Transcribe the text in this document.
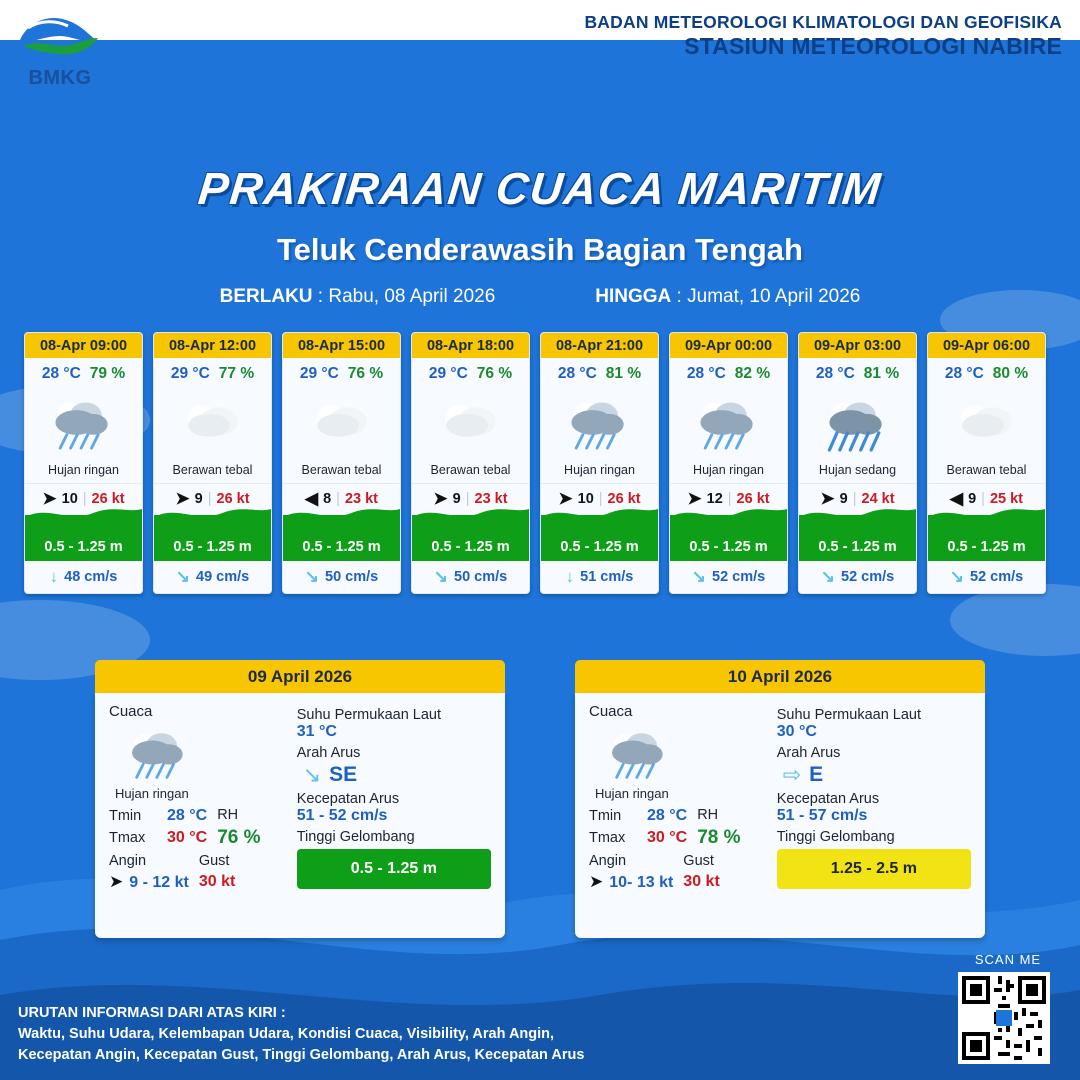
BMKG
BADAN METEOROLOGI KLIMATOLOGI DAN GEOFISIKA
STASIUN METEOROLOGI NABIRE
PRAKIRAAN CUACA MARITIM
Teluk Cenderawasih Bagian Tengah
BERLAKU : Rabu, 08 April 2026	HINGGA : Jumat, 10 April 2026
08-Apr 09:00
28 °C 79 %
Hujan ringan
➤ 10 | 26 kt
0.5 - 1.25 m
↓ 48 cm/s
08-Apr 12:00
29 °C 77 %
Berawan tebal
➤ 9 | 26 kt
0.5 - 1.25 m
↘ 49 cm/s
08-Apr 15:00
29 °C 76 %
Berawan tebal
◀ 8 | 23 kt
0.5 - 1.25 m
↘ 50 cm/s
08-Apr 18:00
29 °C 76 %
Berawan tebal
➤ 9 | 23 kt
0.5 - 1.25 m
↘ 50 cm/s
08-Apr 21:00
28 °C 81 %
Hujan ringan
➤ 10 | 26 kt
0.5 - 1.25 m
↓ 51 cm/s
09-Apr 00:00
28 °C 82 %
Hujan ringan
➤ 12 | 26 kt
0.5 - 1.25 m
↘ 52 cm/s
09-Apr 03:00
28 °C 81 %
Hujan sedang
➤ 9 | 24 kt
0.5 - 1.25 m
↘ 52 cm/s
09-Apr 06:00
28 °C 80 %
Berawan tebal
◀ 9 | 25 kt
0.5 - 1.25 m
↘ 52 cm/s
09 April 2026
Cuaca
Hujan ringan
Tmin	28 °C
Tmax	30 °C
RH
76 %
Angin
➤ 9 - 12 kt
Gust
30 kt
Suhu Permukaan Laut
31 °C
Arah Arus
↘ SE
Kecepatan Arus
51 - 52 cm/s
Tinggi Gelombang
0.5 - 1.25 m
10 April 2026
Cuaca
Hujan ringan
Tmin	28 °C
Tmax	30 °C
RH
78 %
Angin
➤ 10- 13 kt
Gust
30 kt
Suhu Permukaan Laut
30 °C
Arah Arus
⇨ E
Kecepatan Arus
51 - 57 cm/s
Tinggi Gelombang
1.25 - 2.5 m
URUTAN INFORMASI DARI ATAS KIRI :
Waktu, Suhu Udara, Kelembapan Udara, Kondisi Cuaca, Visibility, Arah Angin,
Kecepatan Angin, Kecepatan Gust, Tinggi Gelombang, Arah Arus, Kecepatan Arus
SCAN ME
